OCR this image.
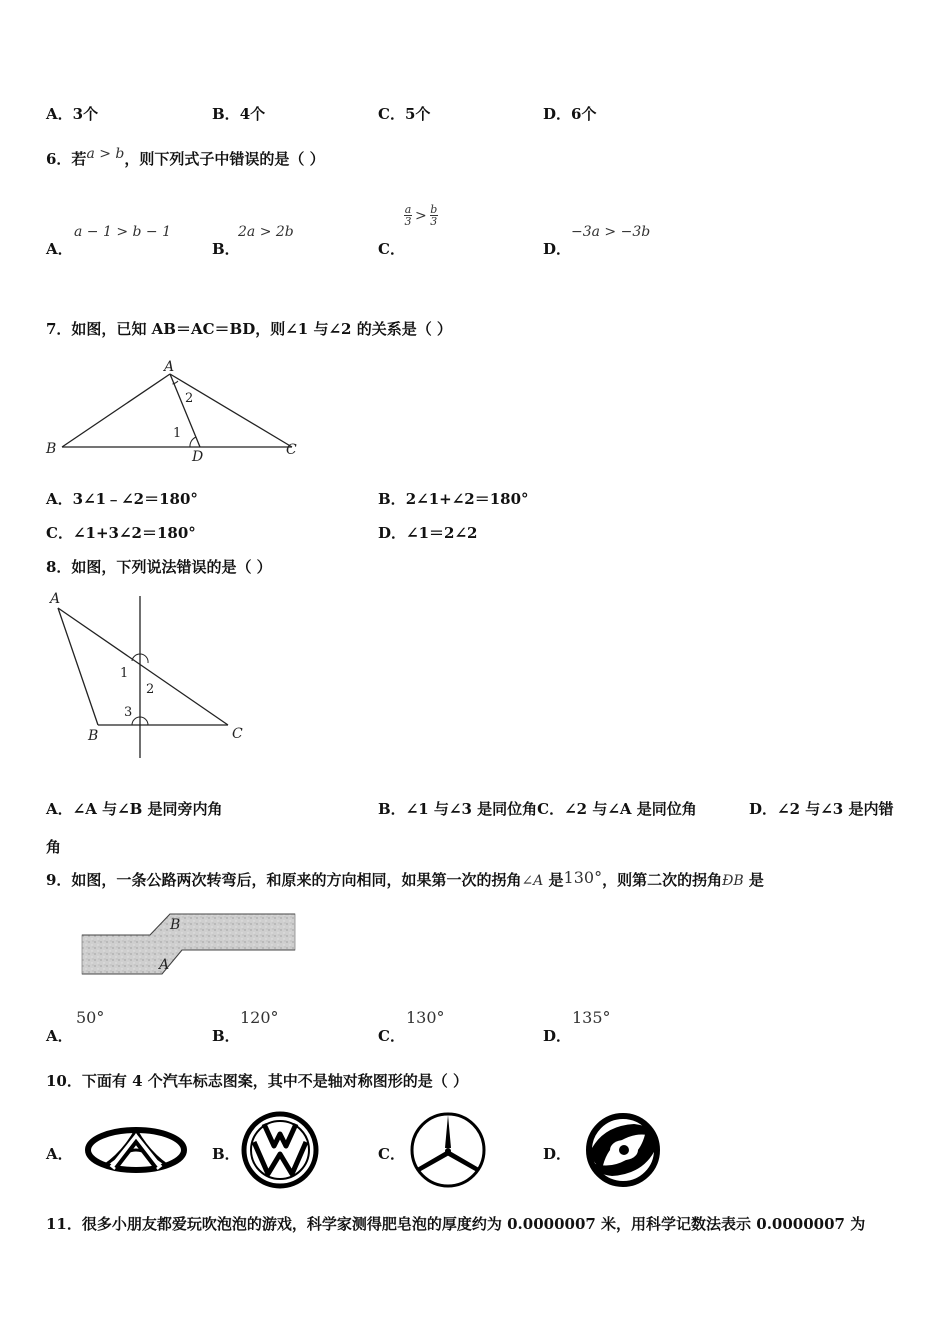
A．3个	B．4个	C．5个	D．6个
6．若a > b，则下列式子中错误的是（ ）
A．
a − 1 > b − 1
B．
2a > 2b
C．
a
3 > b
3
D．
−3a > −3b
7．如图，已知 AB＝AC＝BD，则∠1 与∠2 的关系是（ ）
A
B	C
D
1
2
A．3∠1﹣∠2＝180°	B．2∠1+∠2＝180°
C．∠1+3∠2＝180°	D．∠1＝2∠2
8．如图，下列说法错误的是（ ）
A
B	C
1
2
3
A．∠A 与∠B 是同旁内角	B．∠1 与∠3 是同位角C．∠2 与∠A 是同位角	D．∠2 与∠3 是内错
角
9．如图，一条公路两次转弯后，和原来的方向相同，如果第一次的拐角∠A 是130°，则第二次的拐角ÐB 是
B
A
A．
50°
B．
120°
C．
130°
D．
135°
10．下面有 4 个汽车标志图案，其中不是轴对称图形的是（ ）
A．	B．	C．	D．
11．很多小朋友都爱玩吹泡泡的游戏，科学家测得肥皂泡的厚度约为 0.0000007 米，用科学记数法表示 0.0000007 为
